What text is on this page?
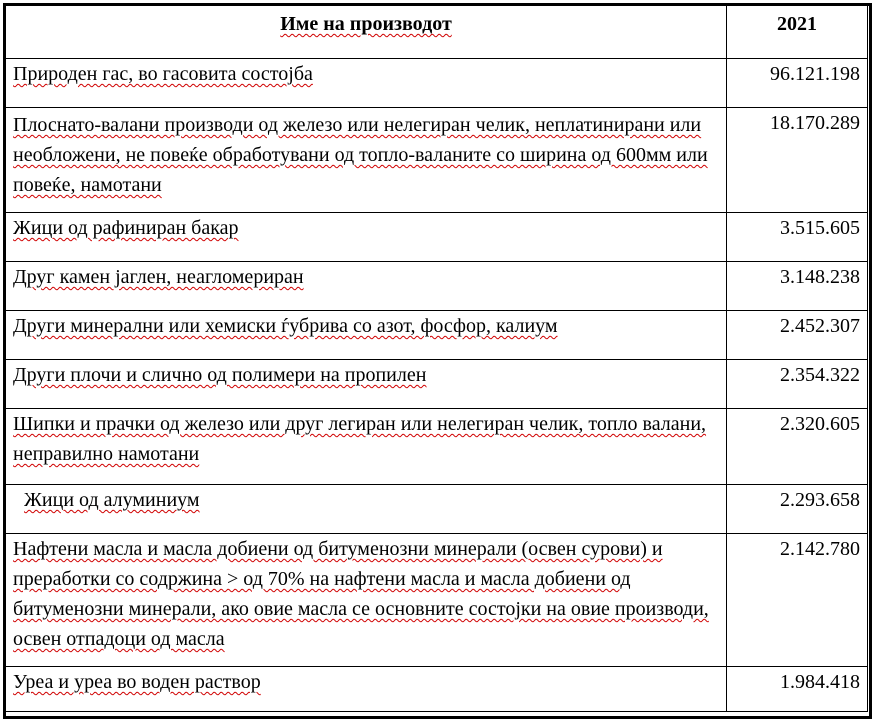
Име на производот	2021
Природен гас, во гасовита состојба	96.121.198
Плоснато-валани производи од железо или нелегиран челик, неплатинирани или необложени, не повеќе обработувани од топло-валаните со ширина од 600мм или повеќе, намотани	18.170.289
Жици од рафиниран бакар	3.515.605
Друг камен јаглен, неагломериран	3.148.238
Други минерални или хемиски ѓубрива со азот, фосфор, калиум	2.452.307
Други плочи и слично од полимери на пропилен	2.354.322
Шипки и прачки од железо или друг легиран или нелегиран челик, топло валани, неправилно намотани	2.320.605
Жици од алуминиум	2.293.658
Нафтени масла и масла добиени од битуменозни минерали (освен сурови) и преработки со содржина > од 70% на нафтени масла и масла добиени од битуменозни минерали, ако овие масла се основните состојки на овие производи, освен отпадоци од масла	2.142.780
Уреа и уреа во воден раствор	1.984.418
